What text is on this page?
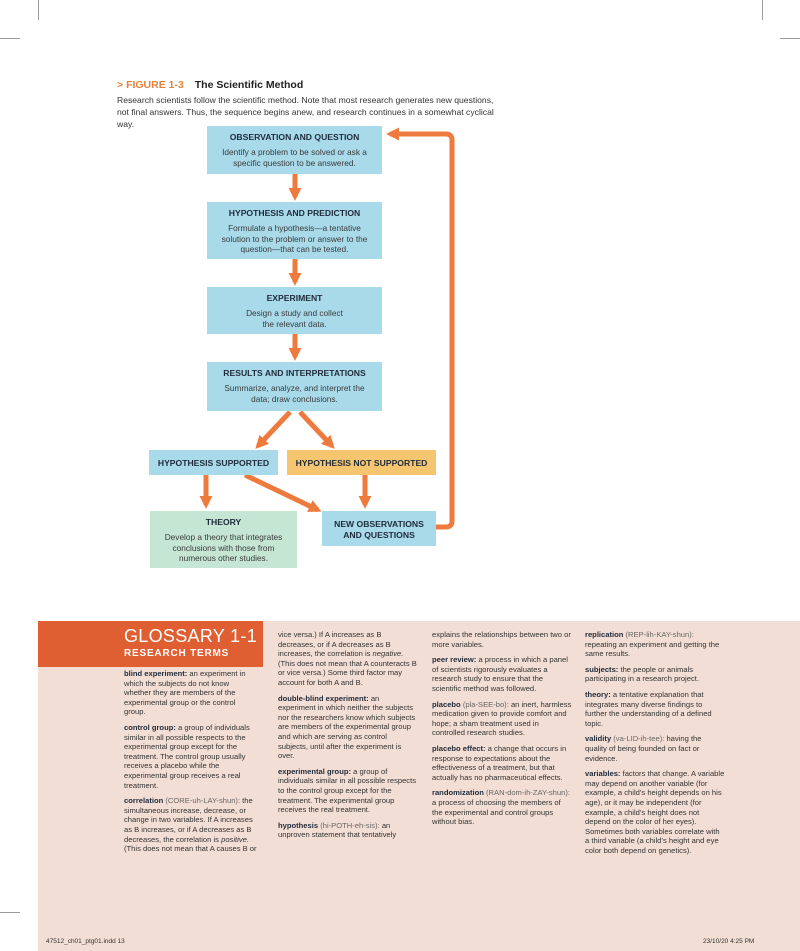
> FIGURE 1-3 The Scientific Method
Research scientists follow the scientific method. Note that most research generates new questions, not final answers. Thus, the sequence begins anew, and research continues in a somewhat cyclical way.
OBSERVATION AND QUESTION
Identify a problem to be solved or ask a specific question to be answered.
HYPOTHESIS AND PREDICTION
Formulate a hypothesis—a tentative solution to the problem or answer to the question—that can be tested.
EXPERIMENT
Design a study and collect the relevant data.
RESULTS AND INTERPRETATIONS
Summarize, analyze, and interpret the data; draw conclusions.
HYPOTHESIS SUPPORTED	HYPOTHESIS NOT SUPPORTED
THEORY
Develop a theory that integrates conclusions with those from numerous other studies.
NEW OBSERVATIONS AND QUESTIONS
GLOSSARY 1-1
RESEARCH TERMS

blind experiment: an experiment in which the subjects do not know whether they are members of the experimental group or the control group.

control group: a group of individuals similar in all possible respects to the experimental group except for the treatment. The control group usually receives a placebo while the experimental group receives a real treatment.

correlation (CORE-uh-LAY-shun): the simultaneous increase, decrease, or change in two variables. If A increases as B increases, or if A decreases as B decreases, the correlation is positive. (This does not mean that A causes B or

vice versa.) If A increases as B decreases, or if A decreases as B increases, the correlation is negative. (This does not mean that A counteracts B or vice versa.) Some third factor may account for both A and B.

double-blind experiment: an experiment in which neither the subjects nor the researchers know which subjects are members of the experimental group and which are serving as control subjects, until after the experiment is over.

experimental group: a group of individuals similar in all possible respects to the control group except for the treatment. The experimental group receives the real treatment.

hypothesis (hi-POTH-eh-sis): an unproven statement that tentatively

explains the relationships between two or more variables.

peer review: a process in which a panel of scientists rigorously evaluates a research study to ensure that the scientific method was followed.

placebo (pla-SEE-bo): an inert, harmless medication given to provide comfort and hope; a sham treatment used in controlled research studies.

placebo effect: a change that occurs in response to expectations about the effectiveness of a treatment, but that actually has no pharmaceutical effects.

randomization (RAN-dom-ih-ZAY-shun): a process of choosing the members of the experimental and control groups without bias.

replication (REP-lih-KAY-shun): repeating an experiment and getting the same results.

subjects: the people or animals participating in a research project.

theory: a tentative explanation that integrates many diverse findings to further the understanding of a defined topic.

validity (va-LID-ih-tee): having the quality of being founded on fact or evidence.

variables: factors that change. A variable may depend on another variable (for example, a child’s height depends on his age), or it may be independent (for example, a child’s height does not depend on the color of her eyes). Sometimes both variables correlate with a third variable (a child’s height and eye color both depend on genetics).

47512_ch01_ptg01.indd 13	23/10/20 4:25 PM
